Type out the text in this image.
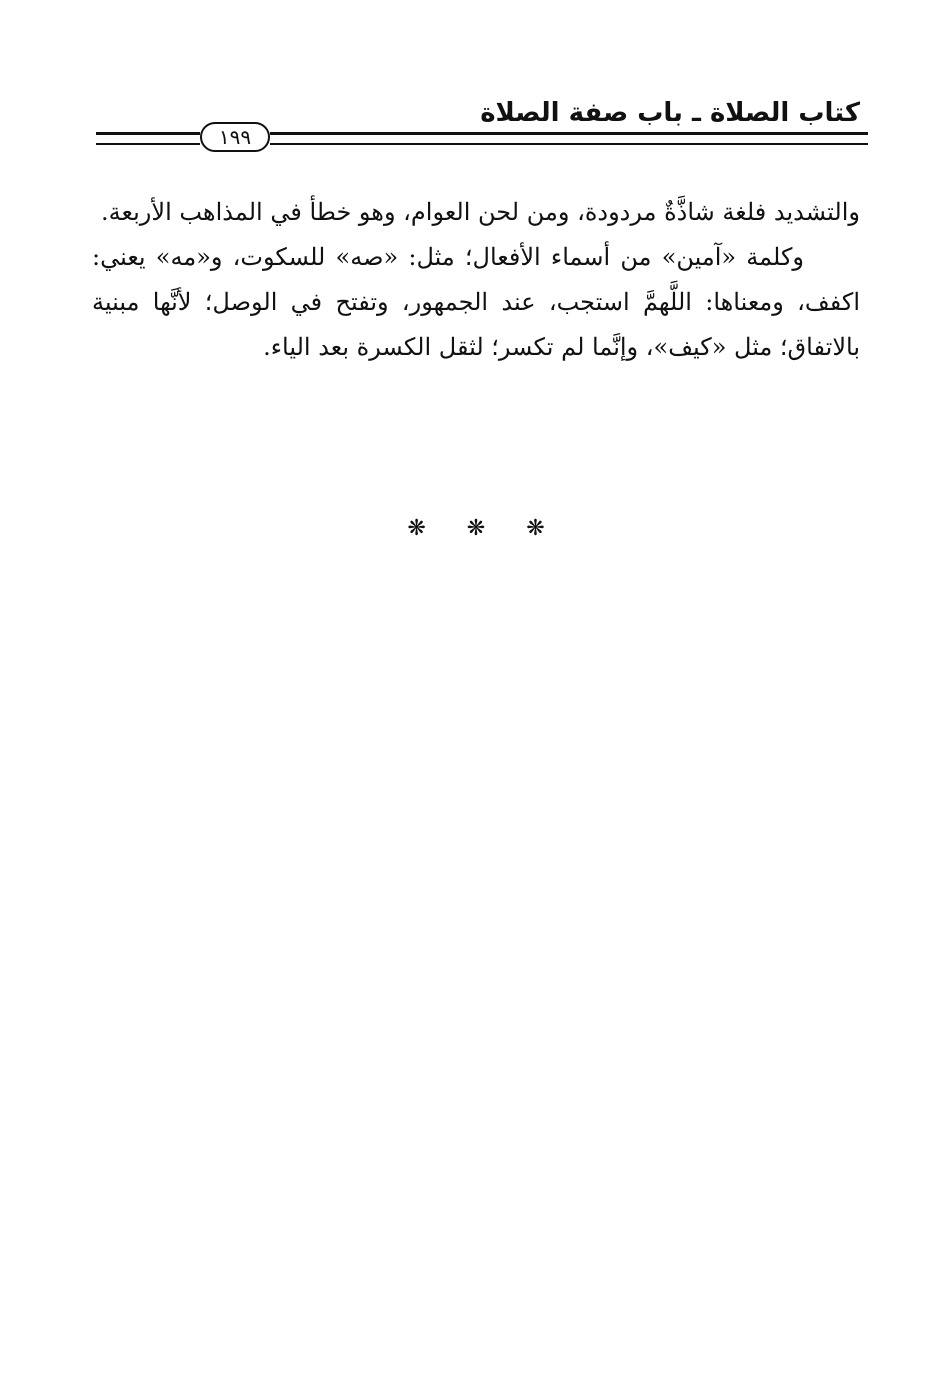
كتاب الصلاة ـ باب صفة الصلاة
١٩٩

والتشديد فلغة شاذَّةٌ مردودة، ومن لحن العوام، وهو خطأ في المذاهب الأربعة.

وكلمة «آمين» من أسماء الأفعال؛ مثل: «صه» للسكوت، و«مه» يعني: اكفف، ومعناها: اللَّهمَّ استجب، عند الجمهور، وتفتح في الوصل؛ لأنَّها مبنية بالاتفاق؛ مثل «كيف»، وإنَّما لم تكسر؛ لثقل الكسرة بعد الياء.

❋ ❋ ❋
